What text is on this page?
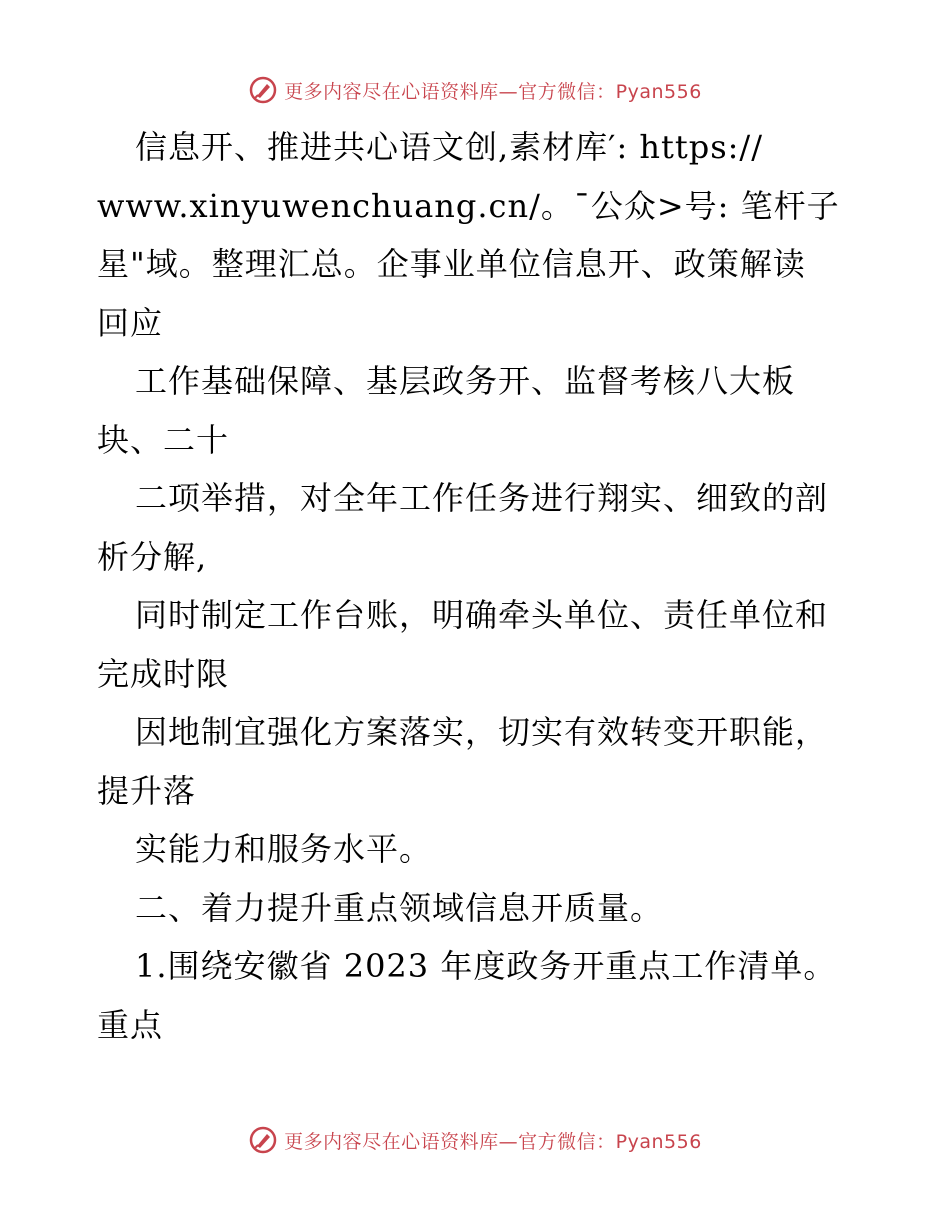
更多内容尽在心语资料库—官方微信：Pyan556
信息开、推进共心语文创,素材库′: https://
www.xinyuwenchuang.cn/。¯公众>号: 笔杆子
星"域。整理汇总。企事业单位信息开、政策解读
回应
工作基础保障、基层政务开、监督考核八大板
块、二十
二项举措，对全年工作任务进行翔实、细致的剖
析分解,
同时制定工作台账，明确牵头单位、责任单位和
完成时限
因地制宜强化方案落实，切实有效转变开职能，
提升落
实能力和服务水平。
二、着力提升重点领域信息开质量。
1.围绕安徽省 2023 年度政务开重点工作清单。
重点
更多内容尽在心语资料库—官方微信：Pyan556
